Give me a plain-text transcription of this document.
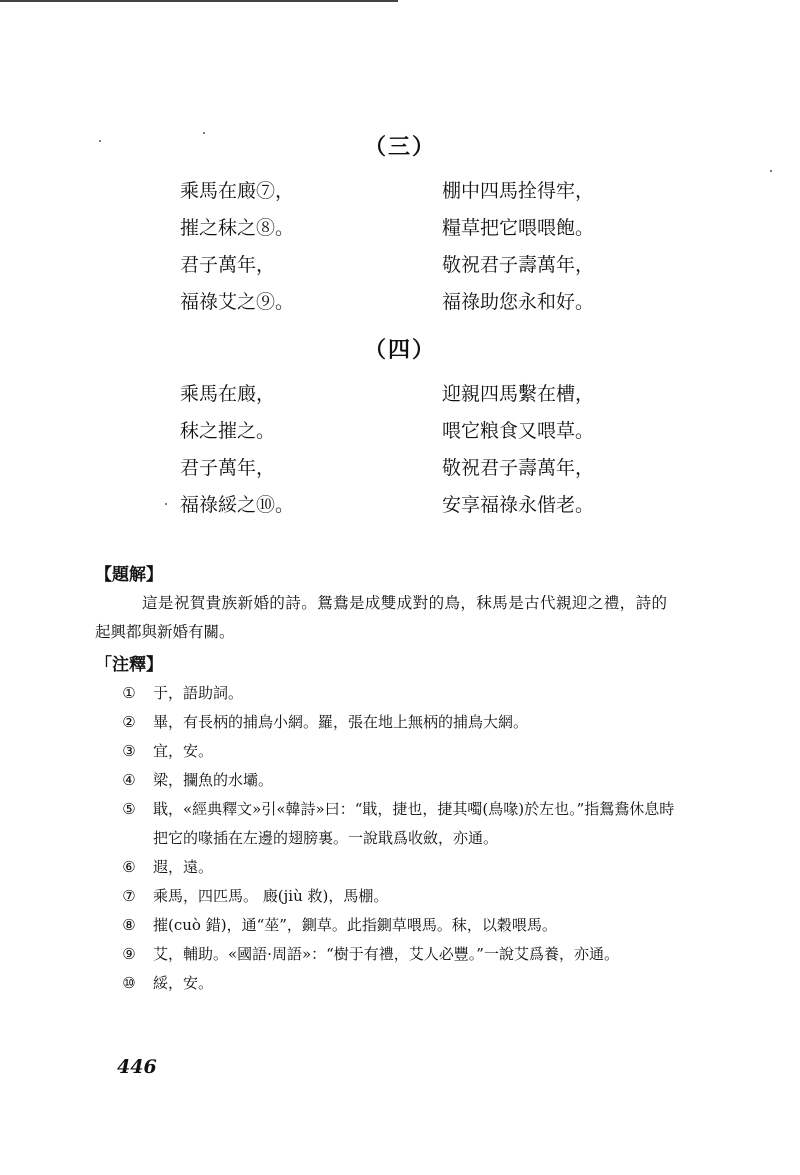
（三）
乘馬在廄⑦，	棚中四馬拴得牢，
摧之秣之⑧。	糧草把它喂喂飽。
君子萬年，	敬祝君子壽萬年，
福祿艾之⑨。	福祿助您永和好。
（四）
乘馬在廄，	迎親四馬繫在槽，
秣之摧之。	喂它粮食又喂草。
君子萬年，	敬祝君子壽萬年，
福祿綏之⑩。	安享福祿永偕老。
【題解】
這是祝賀貴族新婚的詩。鴛鴦是成雙成對的鳥，秣馬是古代親迎之禮，詩的起興都與新婚有關。
「注釋】
① 于，語助詞。
② 畢，有長柄的捕鳥小網。羅，張在地上無柄的捕鳥大網。
③ 宜，安。
④ 梁，攔魚的水壩。
⑤ 戢，«經典釋文»引«韓詩»曰：“戢，捷也，捷其噣(鳥喙)於左也。”指鴛鴦休息時把它的喙插在左邊的翅膀裏。一說戢爲收斂，亦通。
⑥ 遐，遠。
⑦ 乘馬，四匹馬。 廄(jiù 救)，馬棚。
⑧ 摧(cuò 錯)，通“莝”，鍘草。此指鍘草喂馬。秣，以穀喂馬。
⑨ 艾，輔助。«國語·周語»：“樹于有禮，艾人必豐。”一說艾爲養，亦通。
⑩ 綏，安。
446
